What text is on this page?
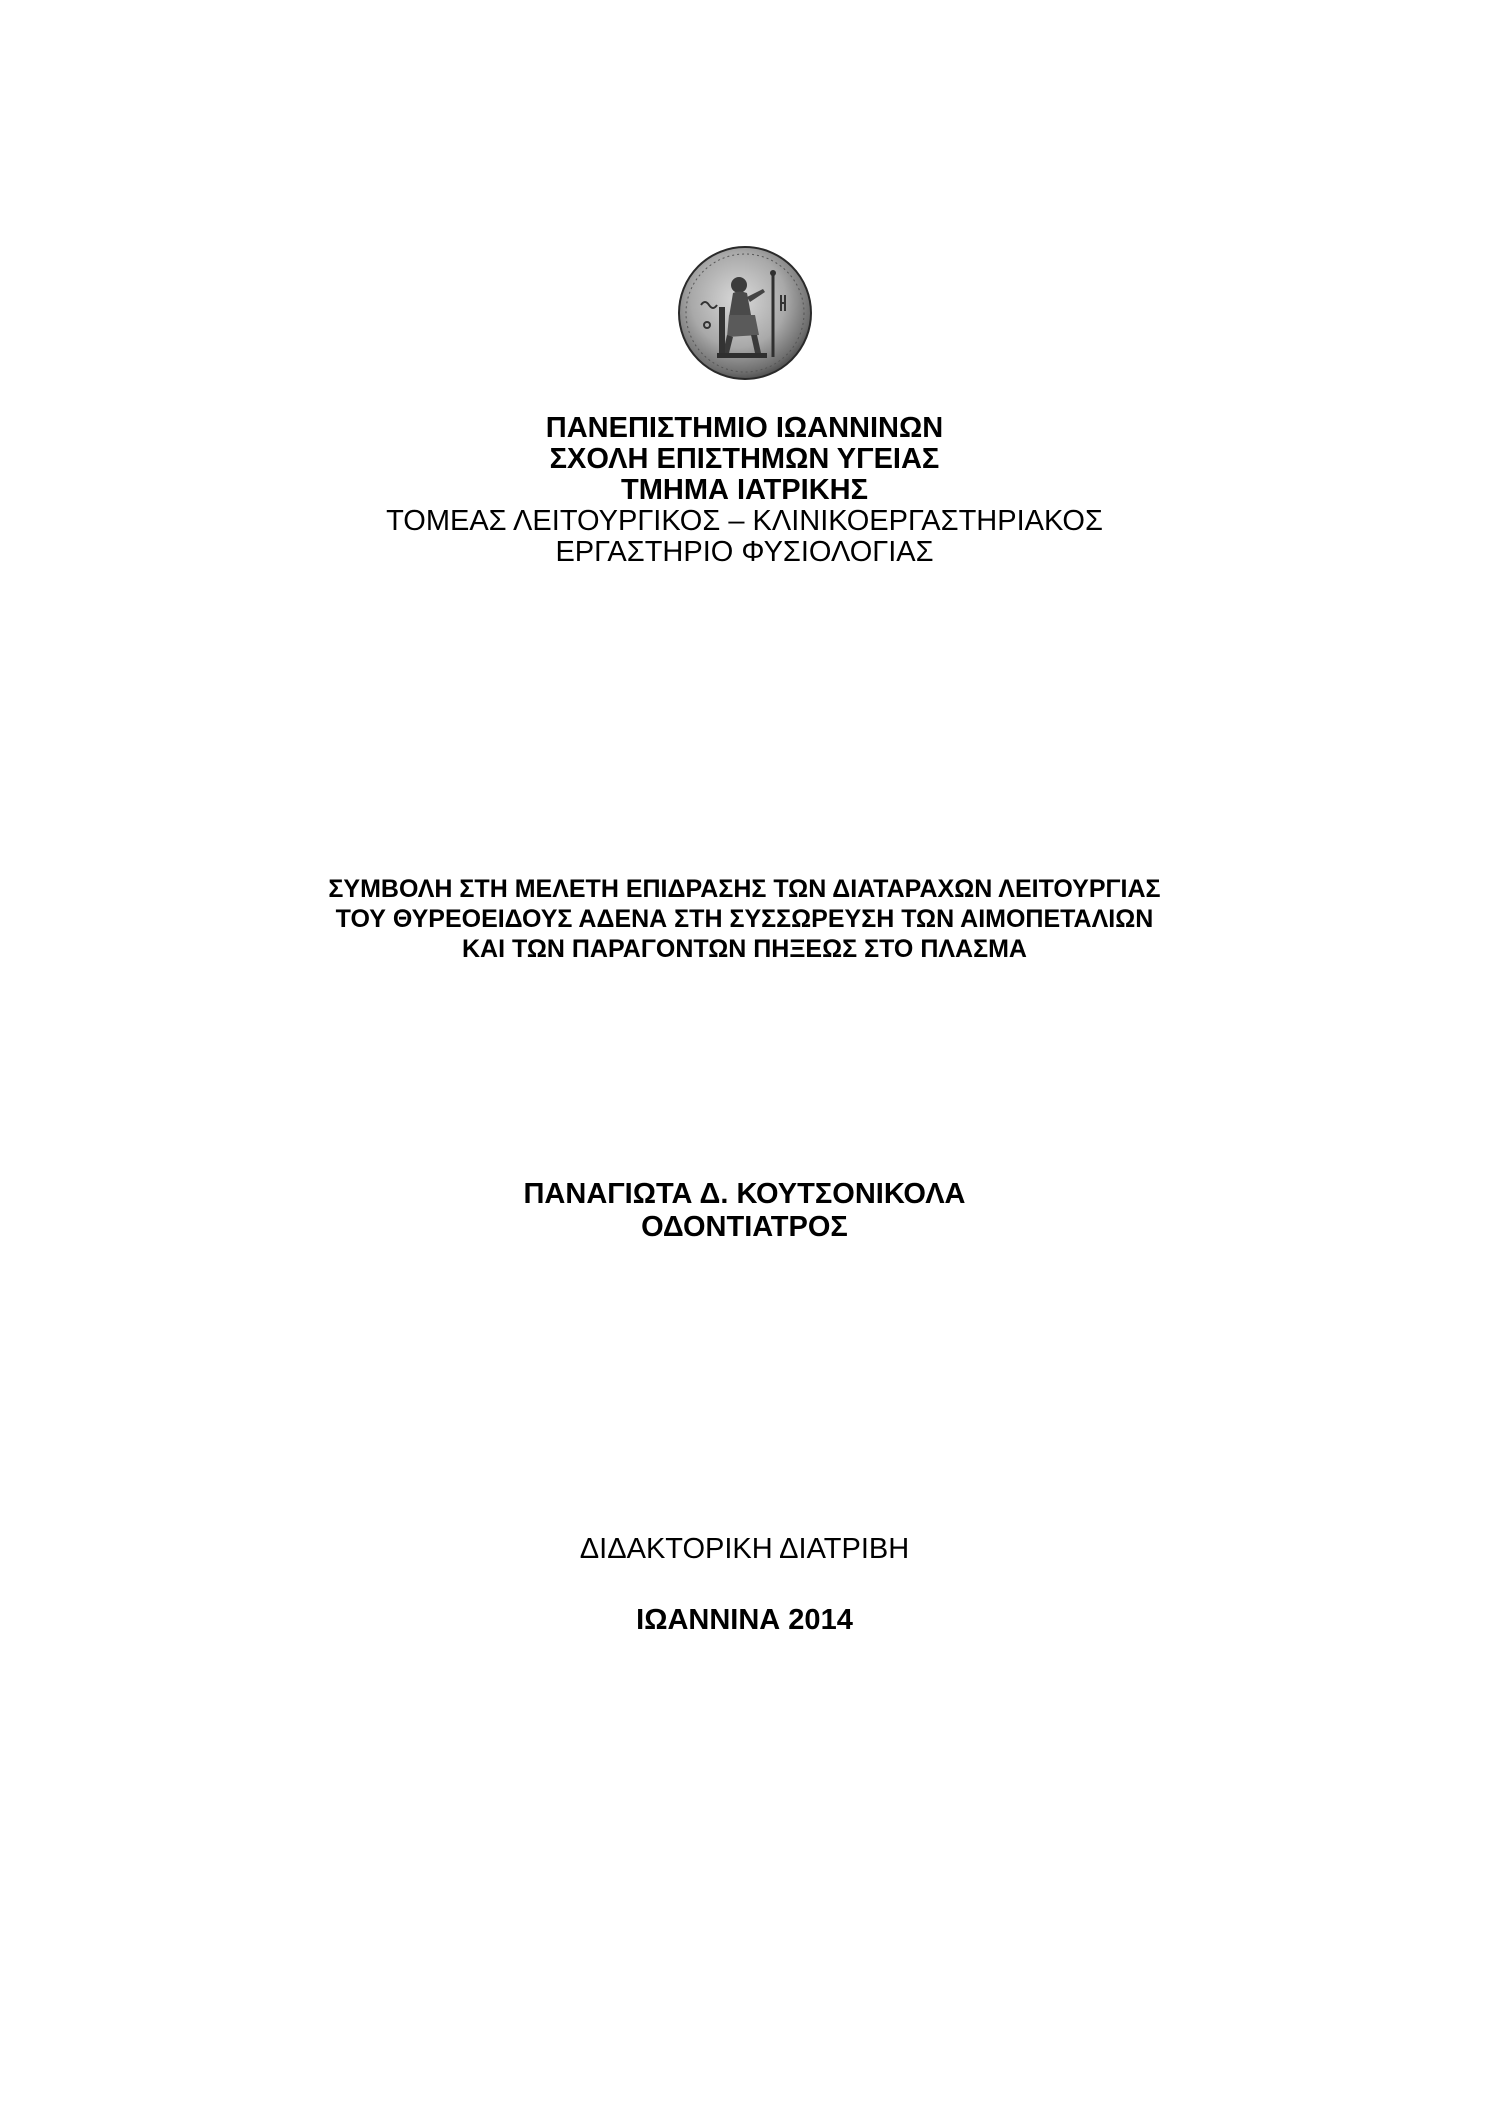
ΠΑΝΕΠΙΣΤΗΜΙΟ ΙΩΑΝΝΙΝΩΝ
ΣΧΟΛΗ ΕΠΙΣΤΗΜΩΝ ΥΓΕΙΑΣ
ΤΜΗΜΑ ΙΑΤΡΙΚΗΣ
ΤΟΜΕΑΣ ΛΕΙΤΟΥΡΓΙΚΟΣ – ΚΛΙΝΙΚΟΕΡΓΑΣΤΗΡΙΑΚΟΣ
ΕΡΓΑΣΤΗΡΙΟ ΦΥΣΙΟΛΟΓΙΑΣ
ΣΥΜΒΟΛΗ ΣΤΗ ΜΕΛΕΤΗ ΕΠΙΔΡΑΣΗΣ ΤΩΝ ΔΙΑΤΑΡΑΧΩΝ ΛΕΙΤΟΥΡΓΙΑΣ
ΤΟΥ ΘΥΡΕΟΕΙΔΟΥΣ ΑΔΕΝΑ ΣΤΗ ΣΥΣΣΩΡΕΥΣΗ ΤΩΝ ΑΙΜΟΠΕΤΑΛΙΩΝ
ΚΑΙ ΤΩΝ ΠΑΡΑΓΟΝΤΩΝ ΠΗΞΕΩΣ ΣΤΟ ΠΛΑΣΜΑ
ΠΑΝΑΓΙΩΤΑ Δ. ΚΟΥΤΣΟΝΙΚΟΛΑ
ΟΔΟΝΤΙΑΤΡΟΣ
ΔΙΔΑΚΤΟΡΙΚΗ ΔΙΑΤΡΙΒΗ
ΙΩΑΝΝΙΝΑ 2014
